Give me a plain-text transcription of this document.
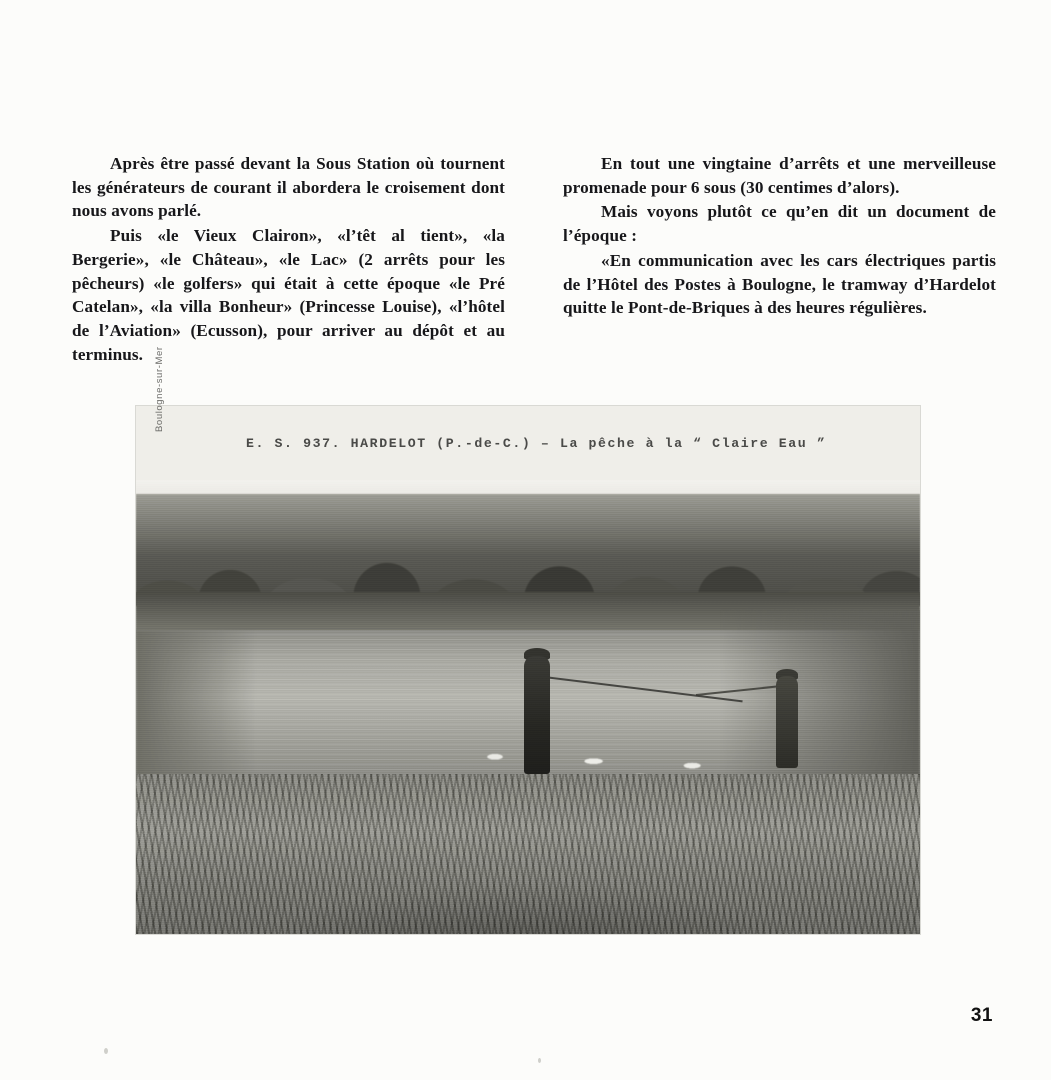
Après être passé devant la Sous Station où tournent les générateurs de courant il abordera le croisement dont nous avons parlé.

Puis «le Vieux Clairon», «l’têt al tient», «la Bergerie», «le Château», «le Lac» (2 arrêts pour les pêcheurs) «le golfers» qui était à cette époque «le Pré Catelan», «la villa Bonheur» (Princesse Louise), «l’hôtel de l’Aviation» (Ecusson), pour arriver au dépôt et au terminus.

En tout une vingtaine d’arrêts et une merveilleuse promenade pour 6 sous (30 centimes d’alors).

Mais voyons plutôt ce qu’en dit un document de l’époque :

«En communication avec les cars électriques partis de l’Hôtel des Postes à Boulogne, le tramway d’Hardelot quitte le Pont-de-Briques à des heures régulières.

Boulogne-sur-Mer
E. S. 937. HARDELOT (P.-de-C.) – La pêche à la “ Claire Eau ”
31
